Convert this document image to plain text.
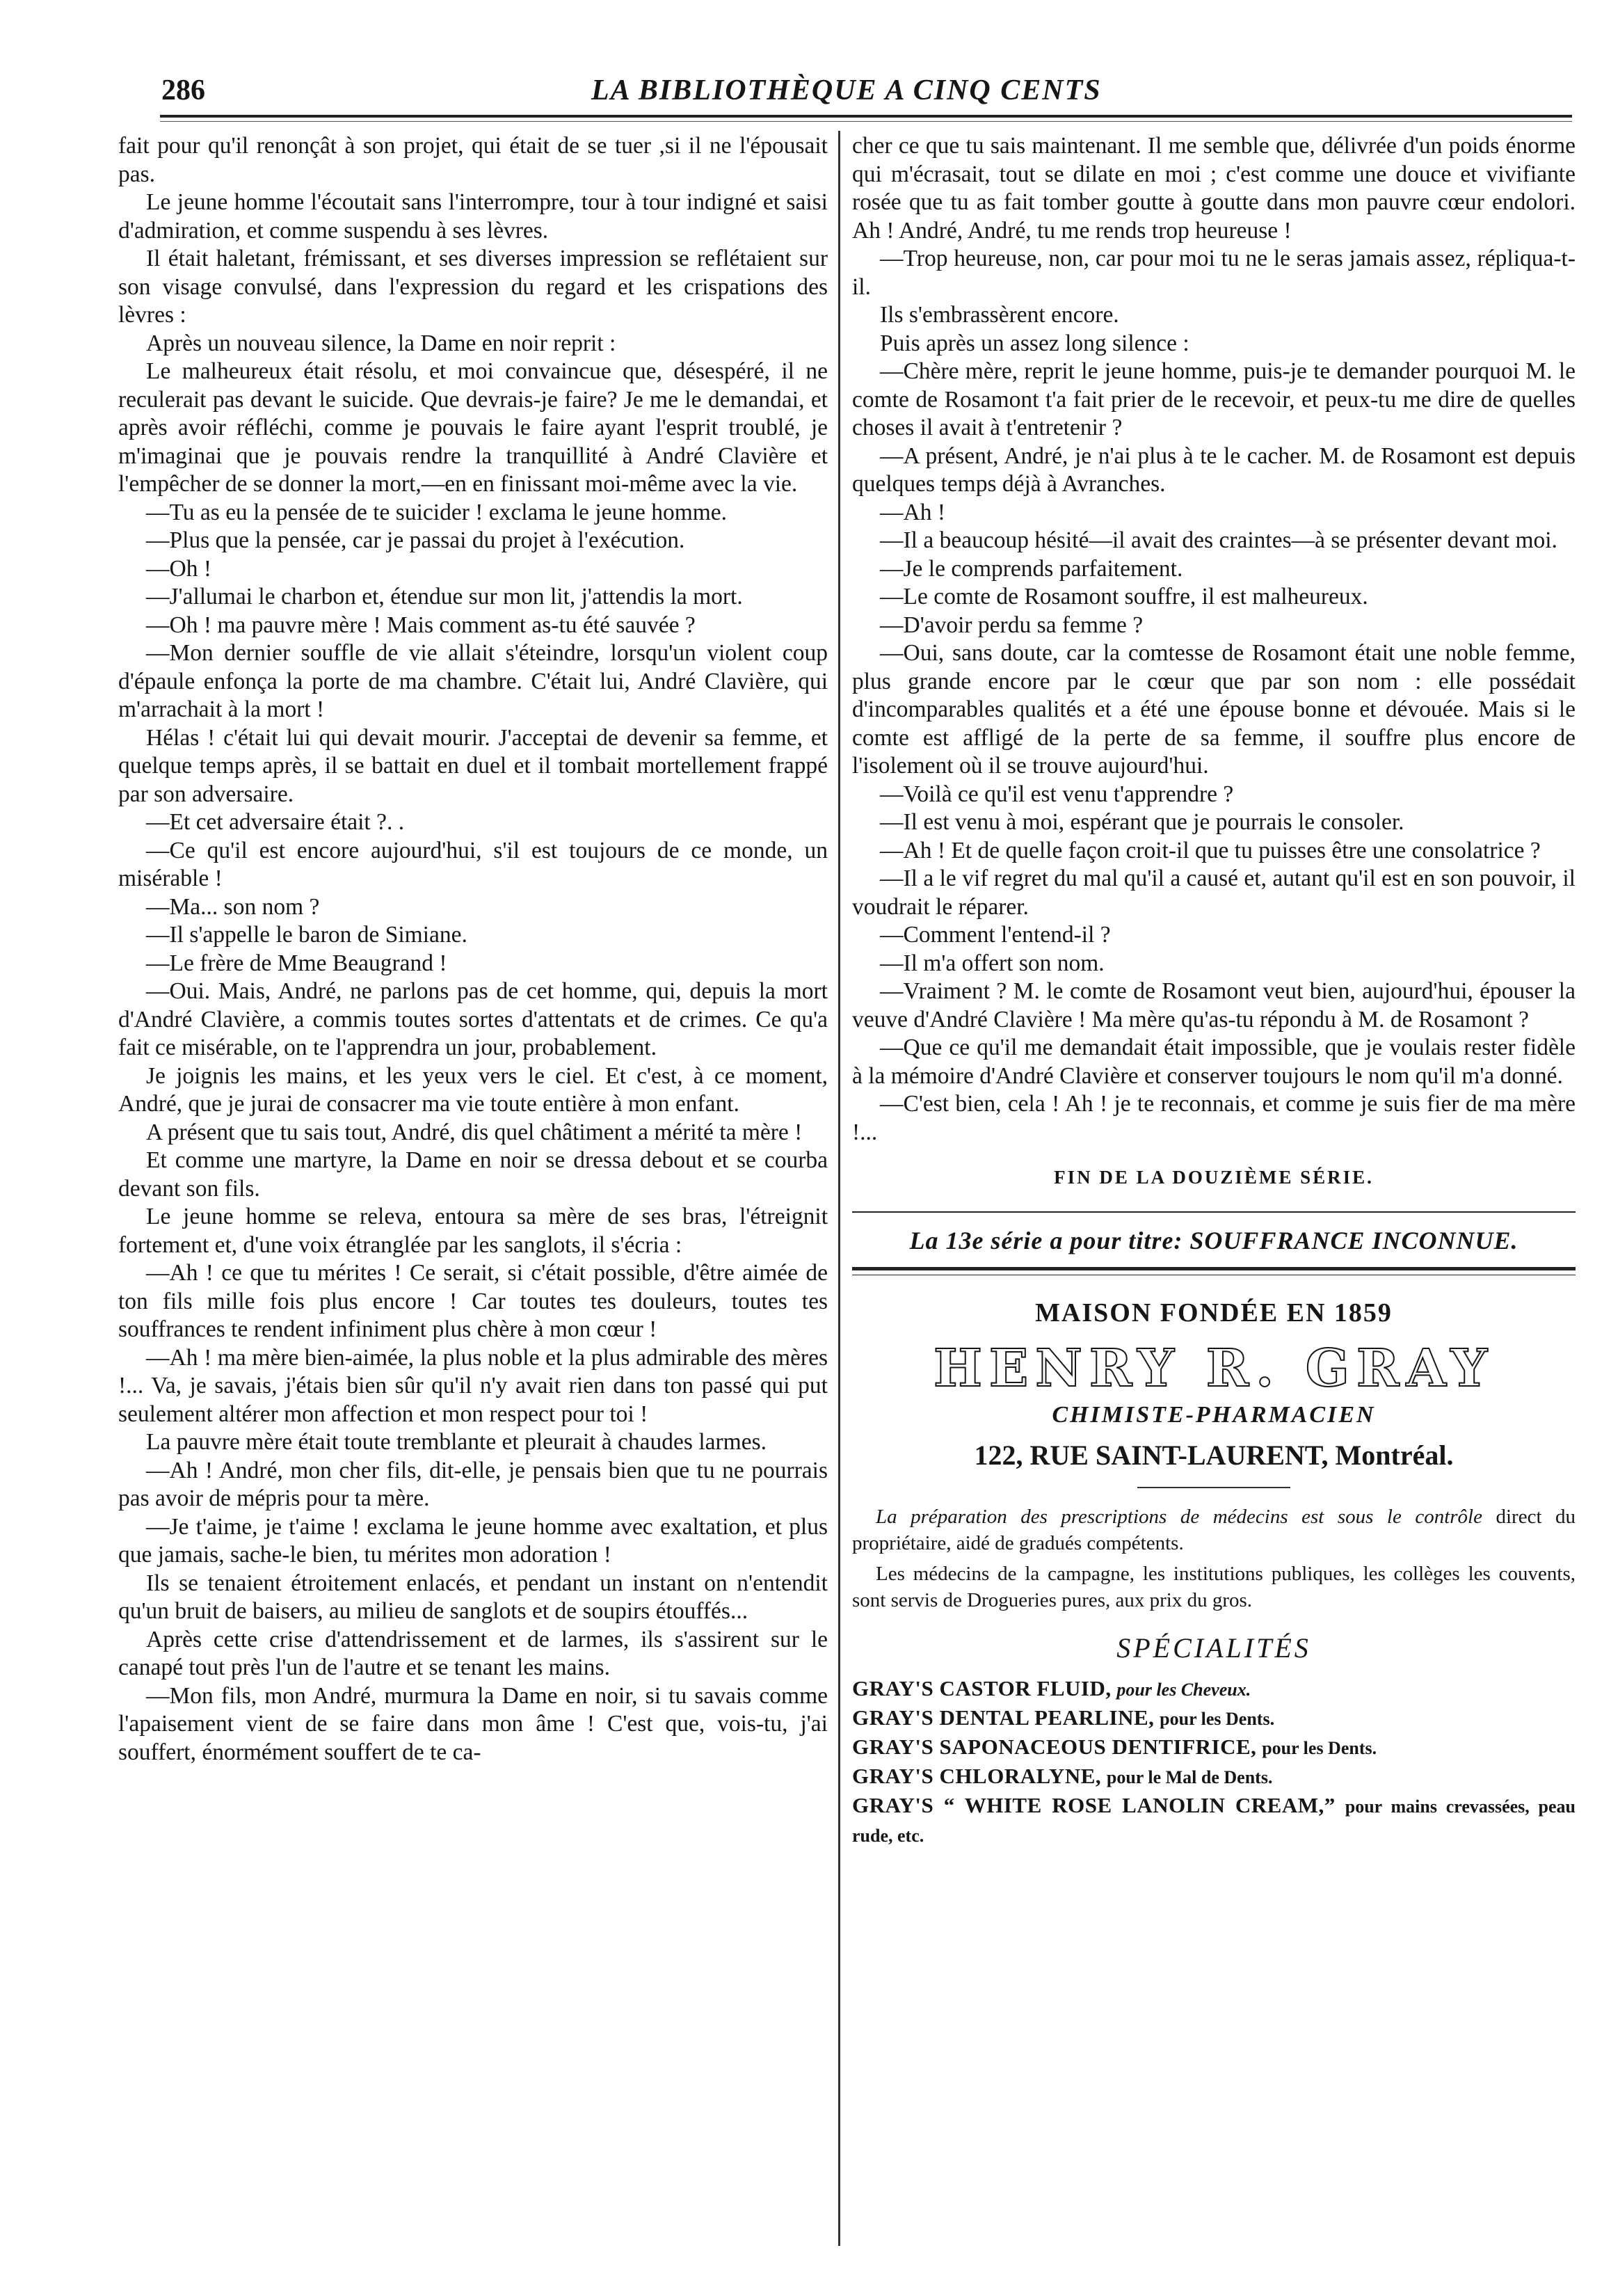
286	LA BIBLIOTHÈQUE A CINQ CENTS

fait pour qu'il renonçât à son projet, qui était de se tuer ,si il ne l'épousait pas.

Le jeune homme l'écoutait sans l'interrompre, tour à tour indigné et saisi d'admiration, et comme suspendu à ses lèvres.

Il était haletant, frémissant, et ses diverses impression se reflétaient sur son visage convulsé, dans l'expression du regard et les crispations des lèvres :

Après un nouveau silence, la Dame en noir reprit :

Le malheureux était résolu, et moi convaincue que, désespéré, il ne reculerait pas devant le suicide. Que devrais-je faire? Je me le demandai, et après avoir réfléchi, comme je pouvais le faire ayant l'esprit troublé, je m'imaginai que je pouvais rendre la tranquillité à André Clavière et l'empêcher de se donner la mort,—en en finissant moi-même avec la vie.

—Tu as eu la pensée de te suicider ! exclama le jeune homme.

—Plus que la pensée, car je passai du projet à l'exécution.

—Oh !

—J'allumai le charbon et, étendue sur mon lit, j'attendis la mort.

—Oh ! ma pauvre mère ! Mais comment as-tu été sauvée ?

—Mon dernier souffle de vie allait s'éteindre, lorsqu'un violent coup d'épaule enfonça la porte de ma chambre. C'était lui, André Clavière, qui m'arrachait à la mort !

Hélas ! c'était lui qui devait mourir. J'acceptai de devenir sa femme, et quelque temps après, il se battait en duel et il tombait mortellement frappé par son adversaire.

—Et cet adversaire était ?. .

—Ce qu'il est encore aujourd'hui, s'il est toujours de ce monde, un misérable !

—Ma... son nom ?

—Il s'appelle le baron de Simiane.

—Le frère de Mme Beaugrand !

—Oui. Mais, André, ne parlons pas de cet homme, qui, depuis la mort d'André Clavière, a commis toutes sortes d'attentats et de crimes. Ce qu'a fait ce misérable, on te l'apprendra un jour, probablement.

Je joignis les mains, et les yeux vers le ciel. Et c'est, à ce moment, André, que je jurai de consacrer ma vie toute entière à mon enfant.

A présent que tu sais tout, André, dis quel châtiment a mérité ta mère !

Et comme une martyre, la Dame en noir se dressa debout et se courba devant son fils.

Le jeune homme se releva, entoura sa mère de ses bras, l'étreignit fortement et, d'une voix étranglée par les sanglots, il s'écria :

—Ah ! ce que tu mérites ! Ce serait, si c'était possible, d'être aimée de ton fils mille fois plus encore ! Car toutes tes douleurs, toutes tes souffrances te rendent infiniment plus chère à mon cœur !

—Ah ! ma mère bien-aimée, la plus noble et la plus admirable des mères !... Va, je savais, j'étais bien sûr qu'il n'y avait rien dans ton passé qui put seulement altérer mon affection et mon respect pour toi !

La pauvre mère était toute tremblante et pleurait à chaudes larmes.

—Ah ! André, mon cher fils, dit-elle, je pensais bien que tu ne pourrais pas avoir de mépris pour ta mère.

—Je t'aime, je t'aime ! exclama le jeune homme avec exaltation, et plus que jamais, sache-le bien, tu mérites mon adoration !

Ils se tenaient étroitement enlacés, et pendant un instant on n'entendit qu'un bruit de baisers, au milieu de sanglots et de soupirs étouffés...

Après cette crise d'attendrissement et de larmes, ils s'assirent sur le canapé tout près l'un de l'autre et se tenant les mains.

—Mon fils, mon André, murmura la Dame en noir, si tu savais comme l'apaisement vient de se faire dans mon âme ! C'est que, vois-tu, j'ai souffert, énormément souffert de te ca-

cher ce que tu sais maintenant. Il me semble que, délivrée d'un poids énorme qui m'écrasait, tout se dilate en moi ; c'est comme une douce et vivifiante rosée que tu as fait tomber goutte à goutte dans mon pauvre cœur endolori. Ah ! André, André, tu me rends trop heureuse !

—Trop heureuse, non, car pour moi tu ne le seras jamais assez, répliqua-t-il.

Ils s'embrassèrent encore.

Puis après un assez long silence :

—Chère mère, reprit le jeune homme, puis-je te demander pourquoi M. le comte de Rosamont t'a fait prier de le recevoir, et peux-tu me dire de quelles choses il avait à t'entretenir ?

—A présent, André, je n'ai plus à te le cacher. M. de Rosamont est depuis quelques temps déjà à Avranches.

—Ah !

—Il a beaucoup hésité—il avait des craintes—à se présenter devant moi.

—Je le comprends parfaitement.

—Le comte de Rosamont souffre, il est malheureux.

—D'avoir perdu sa femme ?

—Oui, sans doute, car la comtesse de Rosamont était une noble femme, plus grande encore par le cœur que par son nom : elle possédait d'incomparables qualités et a été une épouse bonne et dévouée. Mais si le comte est affligé de la perte de sa femme, il souffre plus encore de l'isolement où il se trouve aujourd'hui.

—Voilà ce qu'il est venu t'apprendre ?

—Il est venu à moi, espérant que je pourrais le consoler.

—Ah ! Et de quelle façon croit-il que tu puisses être une consolatrice ?

—Il a le vif regret du mal qu'il a causé et, autant qu'il est en son pouvoir, il voudrait le réparer.

—Comment l'entend-il ?

—Il m'a offert son nom.

—Vraiment ? M. le comte de Rosamont veut bien, aujourd'hui, épouser la veuve d'André Clavière ! Ma mère qu'as-tu répondu à M. de Rosamont ?

—Que ce qu'il me demandait était impossible, que je voulais rester fidèle à la mémoire d'André Clavière et conserver toujours le nom qu'il m'a donné.

—C'est bien, cela ! Ah ! je te reconnais, et comme je suis fier de ma mère !...

FIN DE LA DOUZIÈME SÉRIE.

La 13e série a pour titre: SOUFFRANCE INCONNUE.
MAISON FONDÉE EN 1859
HENRY R. GRAY
CHIMISTE-PHARMACIEN
122, RUE SAINT-LAURENT, Montréal.

La préparation des prescriptions de médecins est sous le contrôle direct du propriétaire, aidé de gradués compétents.

Les médecins de la campagne, les institutions publiques, les collèges les couvents, sont servis de Drogueries pures, aux prix du gros.

SPÉCIALITÉS
GRAY'S CASTOR FLUID, pour les Cheveux.
GRAY'S DENTAL PEARLINE, pour les Dents.
GRAY'S SAPONACEOUS DENTIFRICE, pour les Dents.
GRAY'S CHLORALYNE, pour le Mal de Dents.
GRAY'S “ WHITE ROSE LANOLIN CREAM,” pour mains crevassées, peau rude, etc.
